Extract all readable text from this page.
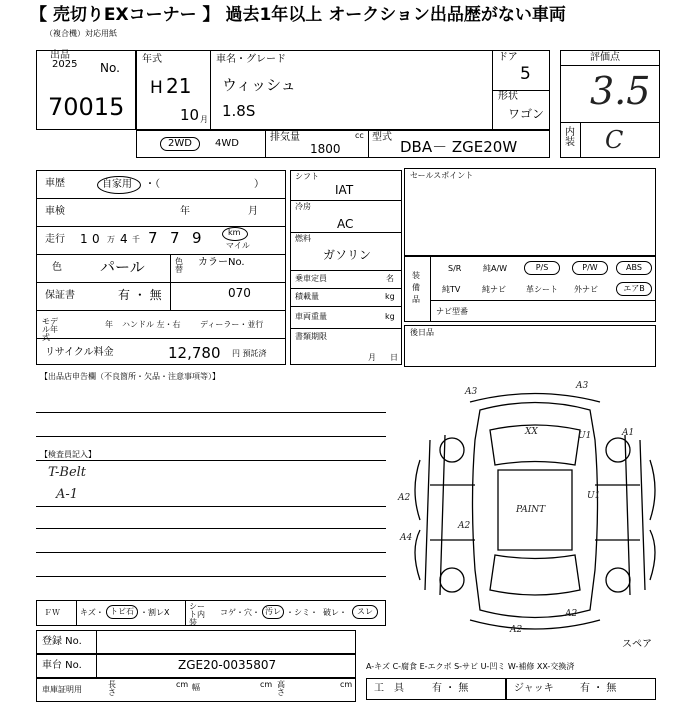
【 売切りEXコーナー 】 過去1年以上 オークション出品歴がない車両
（複合機）対応用紙
2025
出品
No.
70015
年式
H 21
10 月
車名・グレード
ウィッシュ
1.8S
ドア
5
形状
ワゴン
評価点
3.5
内装 C
2WD	4WD
排気量	cc
1800
型式
DBA－ ZGE20W
車歴	自家用 ・（	）
車検	年	月
走行 1 0 万 4 千 7 7 9	km
マイル
色	パール	色替
カラーNo.
070
保証書	有 ・ 無
モデル年式
年 ハンドル 左・右 ディーラー・並行
リサイクル料金	12,780 円 預託済
シフト
IAT
冷房
AC
燃料
ガソリン
乗車定員	名
積載量	kg
車両重量	kg
書類期限
月 日
セールスポイント
装備品
S/R	純A/W	P/S	P/W	ABS
純TV	純ナビ	革シート 外ナビ	エアB
ナビ型番
後日品
【出品店申告欄（不良箇所・欠品・注意事項等）】
【検査員記入】
T-Belt
A-1
A3
A3
XX	U1	A1
A2
A4
A2
PAINT
U1
A2
A2
スペア
ＦＷ	キズ・ トビ石 ・割レX
シート内装
コゲ・穴・ 汚レ ・シミ・ 破レ・	スレ
登録 No.
車台 No.	ZGE20-0035807	A-キズ C-腐食 E-エクボ S-サビ U-凹ミ W-補修 XX-交換済
車庫証明用
長さ
cm 幅	cm 高さ
cm 工　具	有 ・ 無	ジャッキ	有 ・ 無
